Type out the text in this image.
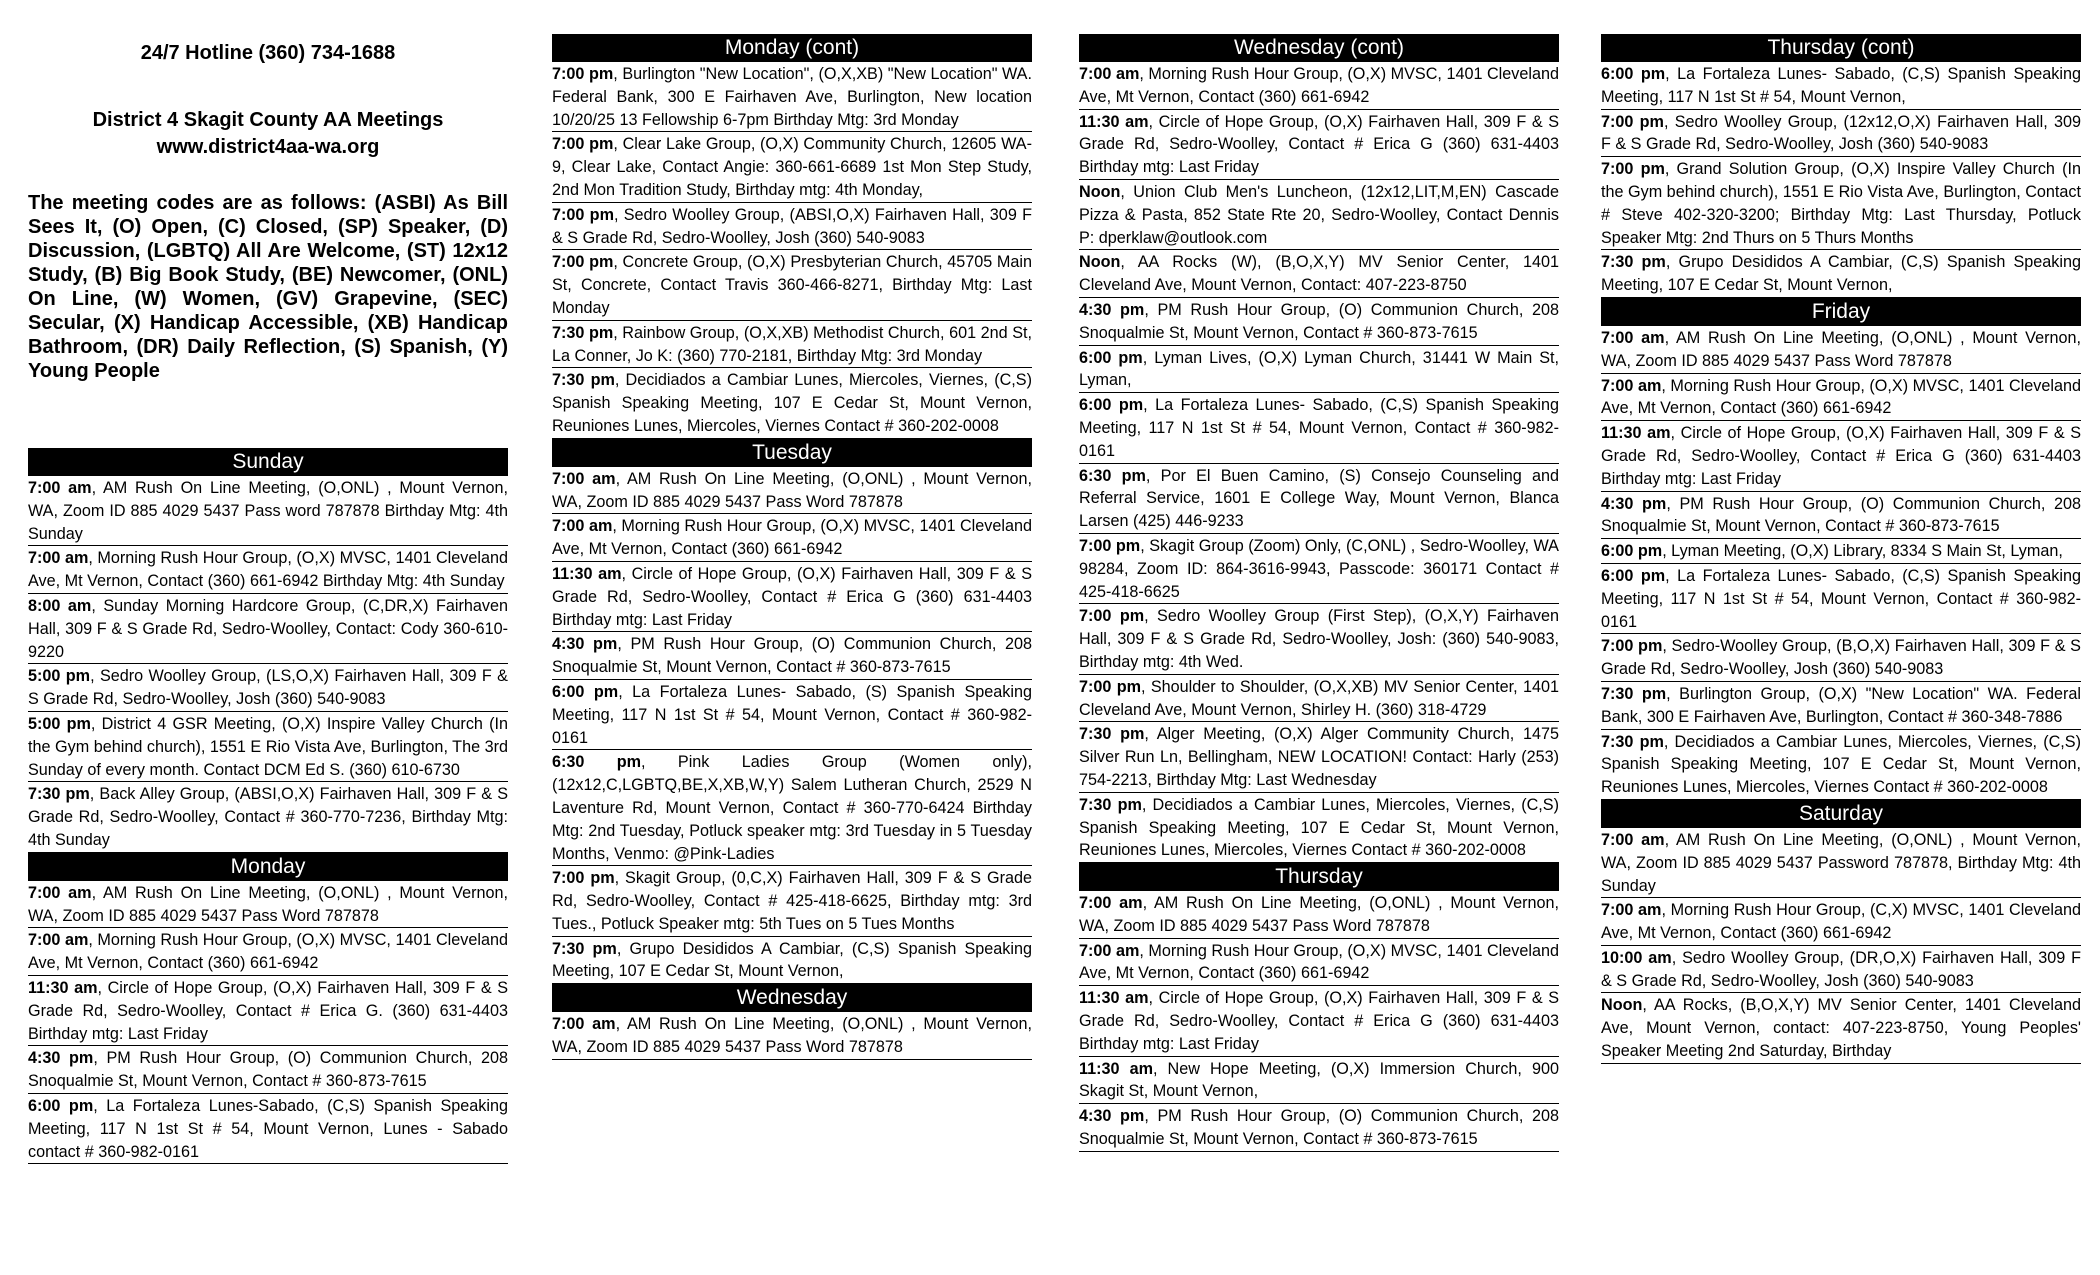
24/7 Hotline (360) 734-1688
District 4 Skagit County AA Meetings
www.district4aa-wa.org
The meeting codes are as follows: (ASBI) As Bill Sees It, (O) Open, (C) Closed, (SP) Speaker, (D) Discussion, (LGBTQ) All Are Welcome, (ST) 12x12 Study, (B) Big Book Study, (BE) Newcomer, (ONL) On Line, (W) Women, (GV) Grapevine, (SEC) Secular, (X) Handicap Accessible, (XB) Handicap Bathroom, (DR) Daily Reflection, (S) Spanish, (Y) Young People
Sunday
7:00 am, AM Rush On Line Meeting, (O,ONL) , Mount Vernon, WA, Zoom ID 885 4029 5437 Pass word 787878 Birthday Mtg: 4th Sunday
7:00 am, Morning Rush Hour Group, (O,X) MVSC, 1401 Cleveland Ave, Mt Vernon, Contact (360) 661-6942 Birthday Mtg: 4th Sunday
8:00 am, Sunday Morning Hardcore Group, (C,DR,X) Fairhaven Hall, 309 F & S Grade Rd, Sedro-Woolley, Contact: Cody 360-610-9220
5:00 pm, Sedro Woolley Group, (LS,O,X) Fairhaven Hall, 309 F & S Grade Rd, Sedro-Woolley, Josh (360) 540-9083
5:00 pm, District 4 GSR Meeting, (O,X) Inspire Valley Church (In the Gym behind church), 1551 E Rio Vista Ave, Burlington, The 3rd Sunday of every month. Contact DCM Ed S. (360) 610-6730
7:30 pm, Back Alley Group, (ABSI,O,X) Fairhaven Hall, 309 F & S Grade Rd, Sedro-Woolley, Contact # 360-770-7236, Birthday Mtg: 4th Sunday
Monday
7:00 am, AM Rush On Line Meeting, (O,ONL) , Mount Vernon, WA, Zoom ID 885 4029 5437 Pass Word 787878
7:00 am, Morning Rush Hour Group, (O,X) MVSC, 1401 Cleveland Ave, Mt Vernon, Contact (360) 661-6942
11:30 am, Circle of Hope Group, (O,X) Fairhaven Hall, 309 F & S Grade Rd, Sedro-Woolley, Contact # Erica G. (360) 631-4403 Birthday mtg: Last Friday
4:30 pm, PM Rush Hour Group, (O) Communion Church, 208 Snoqualmie St, Mount Vernon, Contact # 360-873-7615
6:00 pm, La Fortaleza Lunes-Sabado, (C,S) Spanish Speaking Meeting, 117 N 1st St # 54, Mount Vernon, Lunes - Sabado contact # 360-982-0161
Monday (cont)
7:00 pm, Burlington "New Location", (O,X,XB) "New Location" WA. Federal Bank, 300 E Fairhaven Ave, Burlington, New location 10/20/25 13 Fellowship 6-7pm Birthday Mtg: 3rd Monday
7:00 pm, Clear Lake Group, (O,X) Community Church, 12605 WA-9, Clear Lake, Contact Angie: 360-661-6689 1st Mon Step Study, 2nd Mon Tradition Study, Birthday mtg: 4th Monday,
7:00 pm, Sedro Woolley Group, (ABSI,O,X) Fairhaven Hall, 309 F & S Grade Rd, Sedro-Woolley, Josh (360) 540-9083
7:00 pm, Concrete Group, (O,X) Presbyterian Church, 45705 Main St, Concrete, Contact Travis 360-466-8271, Birthday Mtg: Last Monday
7:30 pm, Rainbow Group, (O,X,XB) Methodist Church, 601 2nd St, La Conner, Jo K: (360) 770-2181, Birthday Mtg: 3rd Monday
7:30 pm, Decidiados a Cambiar Lunes, Miercoles, Viernes, (C,S) Spanish Speaking Meeting, 107 E Cedar St, Mount Vernon, Reuniones Lunes, Miercoles, Viernes Contact # 360-202-0008
Tuesday
7:00 am, AM Rush On Line Meeting, (O,ONL) , Mount Vernon, WA, Zoom ID 885 4029 5437 Pass Word 787878
7:00 am, Morning Rush Hour Group, (O,X) MVSC, 1401 Cleveland Ave, Mt Vernon, Contact (360) 661-6942
11:30 am, Circle of Hope Group, (O,X) Fairhaven Hall, 309 F & S Grade Rd, Sedro-Woolley, Contact # Erica G (360) 631-4403 Birthday mtg: Last Friday
4:30 pm, PM Rush Hour Group, (O) Communion Church, 208 Snoqualmie St, Mount Vernon, Contact # 360-873-7615
6:00 pm, La Fortaleza Lunes- Sabado, (S) Spanish Speaking Meeting, 117 N 1st St # 54, Mount Vernon, Contact # 360-982-0161
6:30 pm, Pink Ladies Group (Women only), (12x12,C,LGBTQ,BE,X,XB,W,Y) Salem Lutheran Church, 2529 N Laventure Rd, Mount Vernon, Contact # 360-770-6424 Birthday Mtg: 2nd Tuesday, Potluck speaker mtg: 3rd Tuesday in 5 Tuesday Months, Venmo: @Pink-Ladies
7:00 pm, Skagit Group, (0,C,X) Fairhaven Hall, 309 F & S Grade Rd, Sedro-Woolley, Contact # 425-418-6625, Birthday mtg: 3rd Tues., Potluck Speaker mtg: 5th Tues on 5 Tues Months
7:30 pm, Grupo Desididos A Cambiar, (C,S) Spanish Speaking Meeting, 107 E Cedar St, Mount Vernon,
Wednesday
7:00 am, AM Rush On Line Meeting, (O,ONL) , Mount Vernon, WA, Zoom ID 885 4029 5437 Pass Word 787878
Wednesday (cont)
7:00 am, Morning Rush Hour Group, (O,X) MVSC, 1401 Cleveland Ave, Mt Vernon, Contact (360) 661-6942
11:30 am, Circle of Hope Group, (O,X) Fairhaven Hall, 309 F & S Grade Rd, Sedro-Woolley, Contact # Erica G (360) 631-4403 Birthday mtg: Last Friday
Noon, Union Club Men's Luncheon, (12x12,LIT,M,EN) Cascade Pizza & Pasta, 852 State Rte 20, Sedro-Woolley, Contact Dennis P: dperklaw@outlook.com
Noon, AA Rocks (W), (B,O,X,Y) MV Senior Center, 1401 Cleveland Ave, Mount Vernon, Contact: 407-223-8750
4:30 pm, PM Rush Hour Group, (O) Communion Church, 208 Snoqualmie St, Mount Vernon, Contact # 360-873-7615
6:00 pm, Lyman Lives, (O,X) Lyman Church, 31441 W Main St, Lyman,
6:00 pm, La Fortaleza Lunes- Sabado, (C,S) Spanish Speaking Meeting, 117 N 1st St # 54, Mount Vernon, Contact # 360-982-0161
6:30 pm, Por El Buen Camino, (S) Consejo Counseling and Referral Service, 1601 E College Way, Mount Vernon, Blanca Larsen (425) 446-9233
7:00 pm, Skagit Group (Zoom) Only, (C,ONL) , Sedro-Woolley, WA 98284, Zoom ID: 864-3616-9943, Passcode: 360171 Contact # 425-418-6625
7:00 pm, Sedro Woolley Group (First Step), (O,X,Y) Fairhaven Hall, 309 F & S Grade Rd, Sedro-Woolley, Josh: (360) 540-9083, Birthday mtg: 4th Wed.
7:00 pm, Shoulder to Shoulder, (O,X,XB) MV Senior Center, 1401 Cleveland Ave, Mount Vernon, Shirley H. (360) 318-4729
7:30 pm, Alger Meeting, (O,X) Alger Community Church, 1475 Silver Run Ln, Bellingham, NEW LOCATION! Contact: Harly (253) 754-2213, Birthday Mtg: Last Wednesday
7:30 pm, Decidiados a Cambiar Lunes, Miercoles, Viernes, (C,S) Spanish Speaking Meeting, 107 E Cedar St, Mount Vernon, Reuniones Lunes, Miercoles, Viernes Contact # 360-202-0008
Thursday
7:00 am, AM Rush On Line Meeting, (O,ONL) , Mount Vernon, WA, Zoom ID 885 4029 5437 Pass Word 787878
7:00 am, Morning Rush Hour Group, (O,X) MVSC, 1401 Cleveland Ave, Mt Vernon, Contact (360) 661-6942
11:30 am, Circle of Hope Group, (O,X) Fairhaven Hall, 309 F & S Grade Rd, Sedro-Woolley, Contact # Erica G (360) 631-4403 Birthday mtg: Last Friday
11:30 am, New Hope Meeting, (O,X) Immersion Church, 900 Skagit St, Mount Vernon,
4:30 pm, PM Rush Hour Group, (O) Communion Church, 208 Snoqualmie St, Mount Vernon, Contact # 360-873-7615
Thursday (cont)
6:00 pm, La Fortaleza Lunes- Sabado, (C,S) Spanish Speaking Meeting, 117 N 1st St # 54, Mount Vernon,
7:00 pm, Sedro Woolley Group, (12x12,O,X) Fairhaven Hall, 309 F & S Grade Rd, Sedro-Woolley, Josh (360) 540-9083
7:00 pm, Grand Solution Group, (O,X) Inspire Valley Church (In the Gym behind church), 1551 E Rio Vista Ave, Burlington, Contact # Steve 402-320-3200; Birthday Mtg: Last Thursday, Potluck Speaker Mtg: 2nd Thurs on 5 Thurs Months
7:30 pm, Grupo Desididos A Cambiar, (C,S) Spanish Speaking Meeting, 107 E Cedar St, Mount Vernon,
Friday
7:00 am, AM Rush On Line Meeting, (O,ONL) , Mount Vernon, WA, Zoom ID 885 4029 5437 Pass Word 787878
7:00 am, Morning Rush Hour Group, (O,X) MVSC, 1401 Cleveland Ave, Mt Vernon, Contact (360) 661-6942
11:30 am, Circle of Hope Group, (O,X) Fairhaven Hall, 309 F & S Grade Rd, Sedro-Woolley, Contact # Erica G (360) 631-4403 Birthday mtg: Last Friday
4:30 pm, PM Rush Hour Group, (O) Communion Church, 208 Snoqualmie St, Mount Vernon, Contact # 360-873-7615
6:00 pm, Lyman Meeting, (O,X) Library, 8334 S Main St, Lyman,
6:00 pm, La Fortaleza Lunes- Sabado, (C,S) Spanish Speaking Meeting, 117 N 1st St # 54, Mount Vernon, Contact # 360-982-0161
7:00 pm, Sedro-Woolley Group, (B,O,X) Fairhaven Hall, 309 F & S Grade Rd, Sedro-Woolley, Josh (360) 540-9083
7:30 pm, Burlington Group, (O,X) "New Location" WA. Federal Bank, 300 E Fairhaven Ave, Burlington, Contact # 360-348-7886
7:30 pm, Decidiados a Cambiar Lunes, Miercoles, Viernes, (C,S) Spanish Speaking Meeting, 107 E Cedar St, Mount Vernon, Reuniones Lunes, Miercoles, Viernes Contact # 360-202-0008
Saturday
7:00 am, AM Rush On Line Meeting, (O,ONL) , Mount Vernon, WA, Zoom ID 885 4029 5437 Password 787878, Birthday Mtg: 4th Sunday
7:00 am, Morning Rush Hour Group, (C,X) MVSC, 1401 Cleveland Ave, Mt Vernon, Contact (360) 661-6942
10:00 am, Sedro Woolley Group, (DR,O,X) Fairhaven Hall, 309 F & S Grade Rd, Sedro-Woolley, Josh (360) 540-9083
Noon, AA Rocks, (B,O,X,Y) MV Senior Center, 1401 Cleveland Ave, Mount Vernon, contact: 407-223-8750, Young Peoples' Speaker Meeting 2nd Saturday, Birthday
